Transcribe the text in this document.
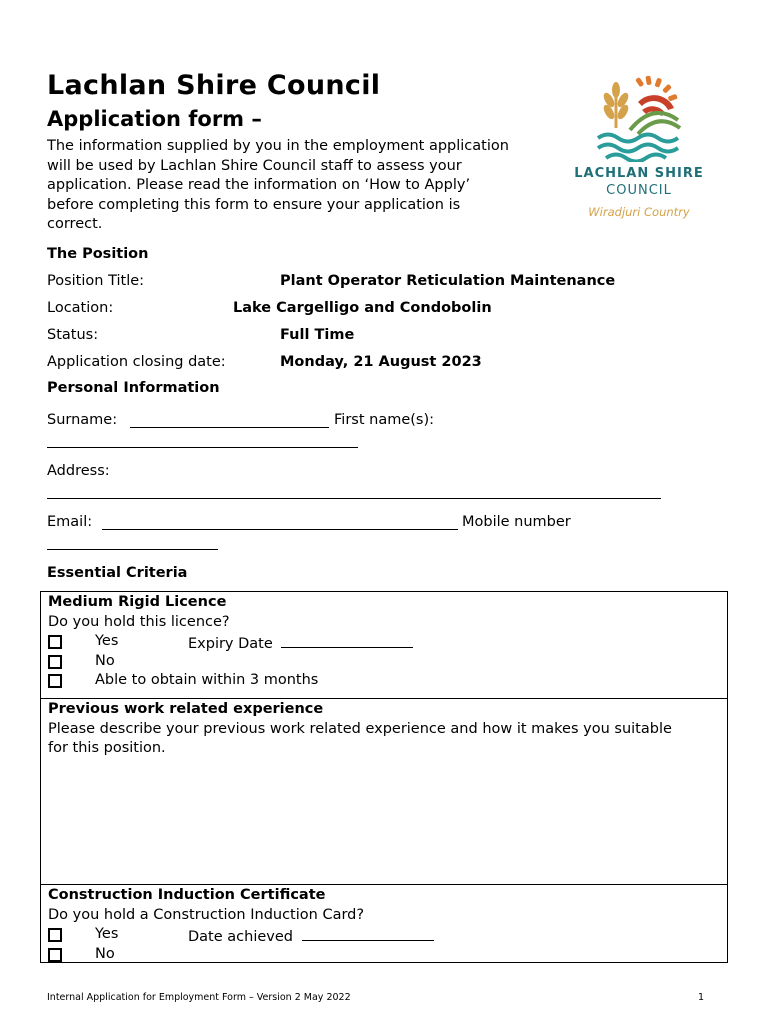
Lachlan Shire Council
Application form –
The information supplied by you in the employment application
will be used by Lachlan Shire Council staff to assess your
application. Please read the information on ‘How to Apply’
before completing this form to ensure your application is
correct.
LACHLAN SHIRE
COUNCIL
Wiradjuri Country
The Position
Position Title:	Plant Operator Reticulation Maintenance
Location:	Lake Cargelligo and Condobolin
Status:	Full Time
Application closing date:	Monday, 21 August 2023
Personal Information
Surname:	First name(s):
Address:
Email:	Mobile number
Essential Criteria
Medium Rigid Licence
Do you hold this licence?
Yes	Expiry Date
No
Able to obtain within 3 months
Previous work related experience
Please describe your previous work related experience and how it makes you suitable
for this position.
Construction Induction Certificate
Do you hold a Construction Induction Card?
Yes	Date achieved
No
Internal Application for Employment Form – Version 2 May 2022	1
